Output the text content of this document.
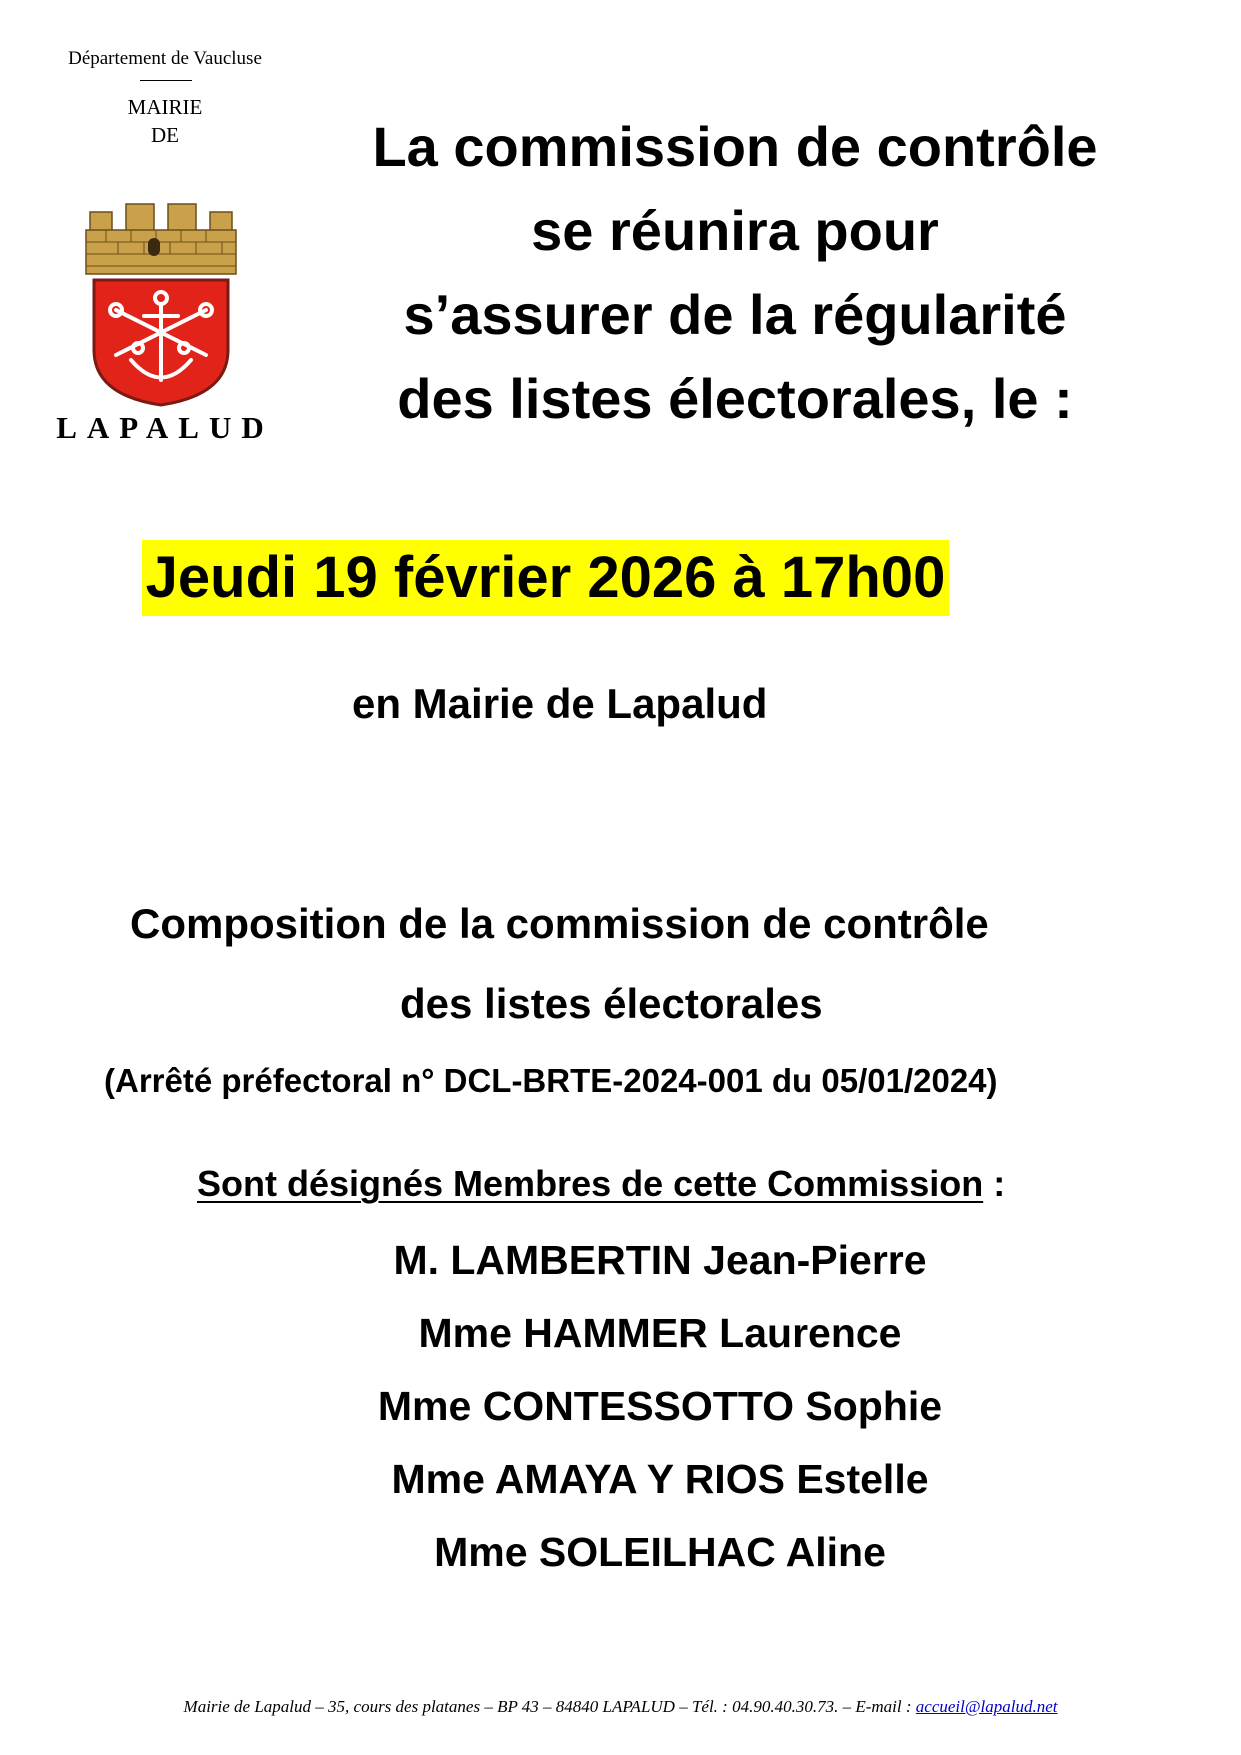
Département de Vaucluse
MAIRIE
DE
LAPALUD
La commission de contrôle
se réunira pour
s’assurer de la régularité
des listes électorales, le :
Jeudi 19 février 2026 à 17h00
en Mairie de Lapalud
Composition de la commission de contrôle
des listes électorales
(Arrêté préfectoral n° DCL-BRTE-2024-001 du 05/01/2024)
Sont désignés Membres de cette Commission :
M. LAMBERTIN Jean-Pierre
Mme HAMMER Laurence
Mme CONTESSOTTO Sophie
Mme AMAYA Y RIOS Estelle
Mme SOLEILHAC Aline
Mairie de Lapalud – 35, cours des platanes – BP 43 – 84840 LAPALUD – Tél. : 04.90.40.30.73. – E-mail : accueil@lapalud.net
